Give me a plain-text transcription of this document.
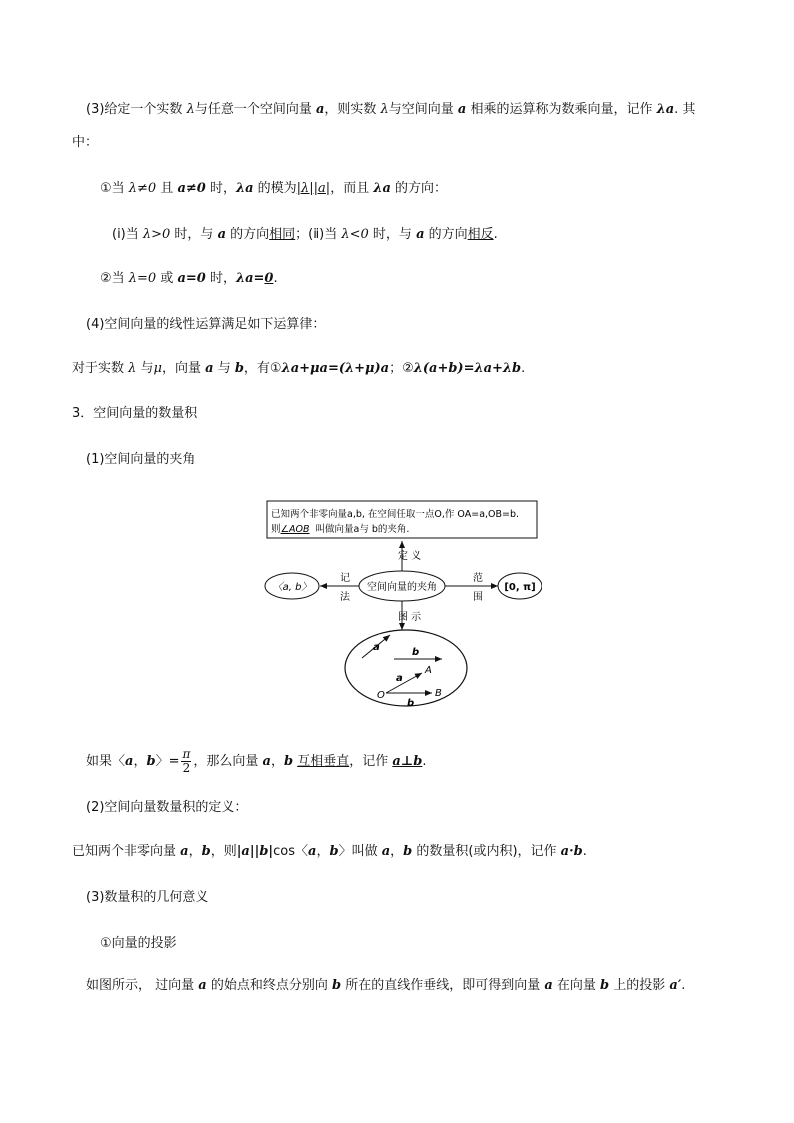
(3)给定一个实数 λ与任意一个空间向量 a，则实数 λ与空间向量 a 相乘的运算称为数乘向量，记作 λa. 其
中：
①当 λ≠0 且 a≠0 时，λa 的模为|λ||a|，而且 λa 的方向：
(ⅰ)当 λ>0 时，与 a 的方向相同；(ⅱ)当 λ<0 时，与 a 的方向相反.
②当 λ=0 或 a=0 时，λa=0.
(4)空间向量的线性运算满足如下运算律：
对于实数 λ 与μ，向量 a 与 b，有①λa+μa=(λ+μ)a；②λ(a+b)=λa+λb.
3．空间向量的数量积
(1)空间向量的夹角
已知两个非零向量a,b, 在空间任取一点O,作 OA=a,OB=b.
则∠AOB 叫做向量a与 b的夹角.
定 义
空间向量的夹角
记
法
〈a, b〉
范
围
[0, π]
图 示
a	b
A
a
O	B
b
如果〈a，b〉= $\frac{\pi}{2}$ ，那么向量 a，b 互相垂直，记作 a⊥b.
(2)空间向量数量积的定义：
已知两个非零向量 a，b，则|a||b|cos〈a，b〉叫做 a，b 的数量积(或内积)，记作 a·b.
(3)数量积的几何意义
①向量的投影
如图所示， 过向量 a 的始点和终点分别向 b 所在的直线作垂线，即可得到向量 a 在向量 b 上的投影 a′.
